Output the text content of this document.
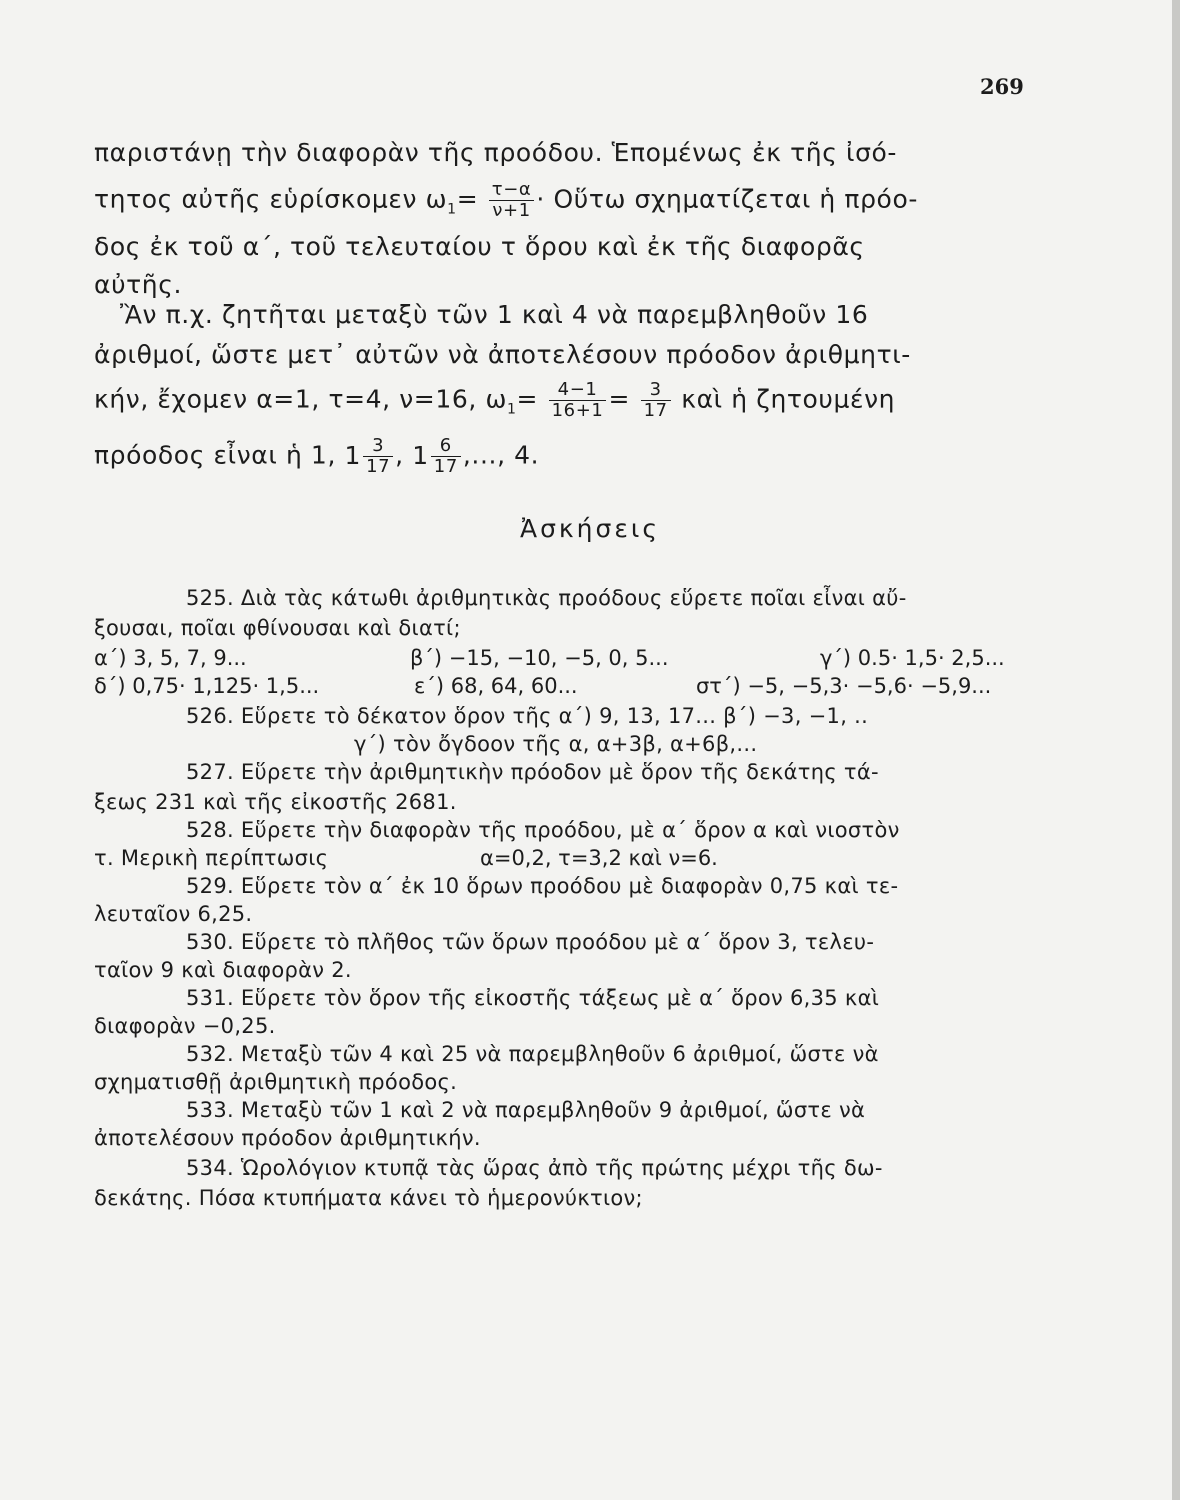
269
παριστάνῃ τὴν διαφορὰν τῆς προόδου. Ἑπομένως ἐκ τῆς ἰσό-
τητος αὐτῆς εὑρίσκομεν $\omega_1= \frac{\tau-\alpha}{\nu+1}$ · Οὕτω σχηματίζεται ἡ πρόο-
δος ἐκ τοῦ α΄, τοῦ τελευταίου τ ὅρου καὶ ἐκ τῆς διαφορᾶς
αὐτῆς.
Ἂν π.χ. ζητῆται μεταξὺ τῶν 1 καὶ 4 νὰ παρεμβληθοῦν 16
ἀριθμοί, ὥστε μετ᾽ αὐτῶν νὰ ἀποτελέσουν πρόοδον ἀριθμητι-
κήν, ἔχομεν α=1, τ=4, ν=16, $\omega_1= \frac{4-1}{16+1} = \frac{3}{17}$ καὶ ἡ ζητουμένη
πρόοδος εἶναι ἡ 1, $1 \frac{3}{17}$ , $1 \frac{6}{17}$ ,..., 4.
Ἀσκήσεις
525. Διὰ τὰς κάτωθι ἀριθμητικὰς προόδους εὕρετε ποῖαι εἶναι αὔ-
ξουσαι, ποῖαι φθίνουσαι καὶ διατί;
α΄) 3, 5, 7, 9...	β΄) −15, −10, −5, 0, 5...	γ΄) 0.5· 1,5· 2,5...
δ΄) 0,75· 1,125· 1,5...	ε΄) 68, 64, 60...	στ΄) −5, −5,3· −5,6· −5,9...
526. Εὕρετε τὸ δέκατον ὅρον τῆς α΄) 9, 13, 17... β΄) −3, −1, ..
γ΄) τὸν ὄγδοον τῆς α, α+3β, α+6β,...
527. Εὕρετε τὴν ἀριθμητικὴν πρόοδον μὲ ὅρον τῆς δεκάτης τά-
ξεως 231 καὶ τῆς εἰκοστῆς 2681.
528. Εὕρετε τὴν διαφορὰν τῆς προόδου, μὲ α΄ ὅρον α καὶ νιοστὸν
τ. Μερικὴ περίπτωσις	α=0,2, τ=3,2 καὶ ν=6.
529. Εὕρετε τὸν α΄ ἐκ 10 ὅρων προόδου μὲ διαφορὰν 0,75 καὶ τε-
λευταῖον 6,25.
530. Εὕρετε τὸ πλῆθος τῶν ὅρων προόδου μὲ α΄ ὅρον 3, τελευ-
ταῖον 9 καὶ διαφορὰν 2.
531. Εὕρετε τὸν ὅρον τῆς εἰκοστῆς τάξεως μὲ α΄ ὅρον 6,35 καὶ
διαφορὰν −0,25.
532. Μεταξὺ τῶν 4 καὶ 25 νὰ παρεμβληθοῦν 6 ἀριθμοί, ὥστε νὰ
σχηματισθῇ ἀριθμητικὴ πρόοδος.
533. Μεταξὺ τῶν 1 καὶ 2 νὰ παρεμβληθοῦν 9 ἀριθμοί, ὥστε νὰ
ἀποτελέσουν πρόοδον ἀριθμητικήν.
534. Ὡρολόγιον κτυπᾷ τὰς ὥρας ἀπὸ τῆς πρώτης μέχρι τῆς δω-
δεκάτης. Πόσα κτυπήματα κάνει τὸ ἡμερονύκτιον;
